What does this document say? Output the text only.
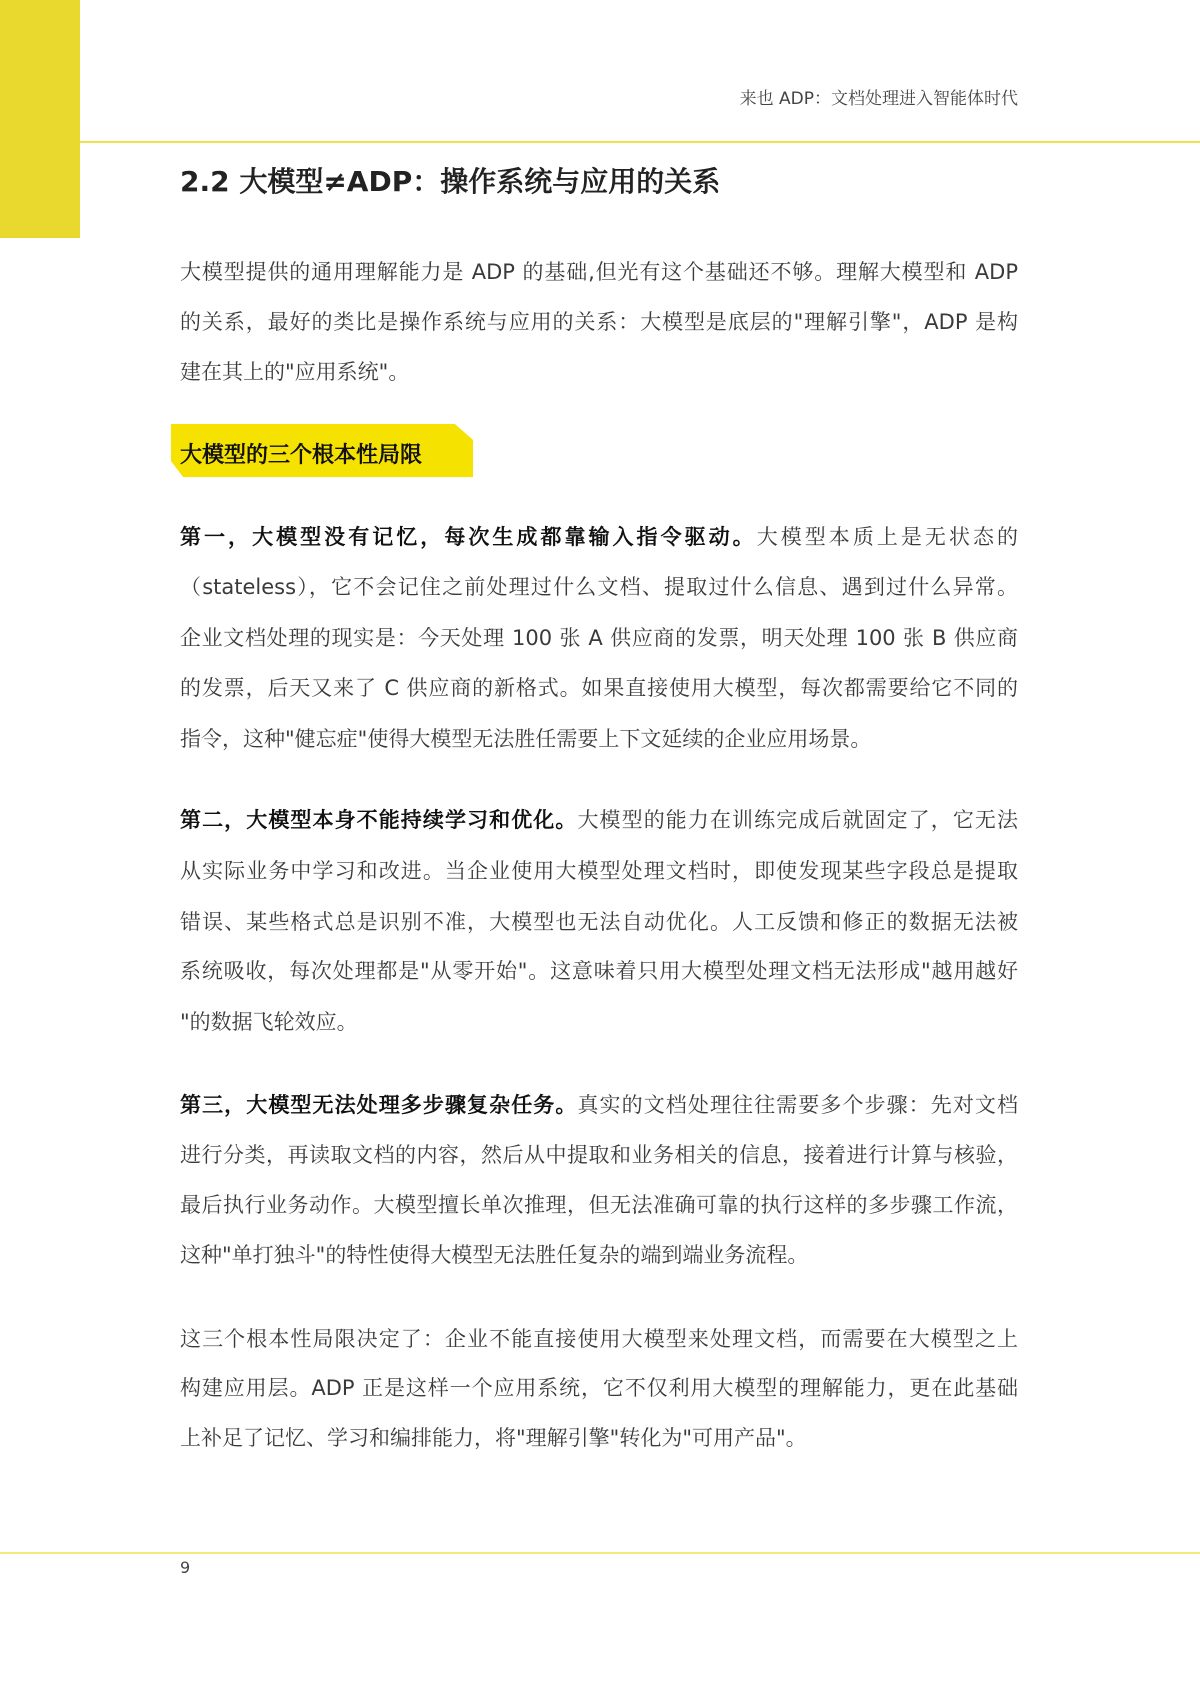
来也 ADP：文档处理进入智能体时代
2.2 大模型≠ADP：操作系统与应用的关系
大模型提供的通用理解能力是 ADP 的基础,但光有这个基础还不够。理解大模型和 ADP
的关系，最好的类比是操作系统与应用的关系：大模型是底层的"理解引擎"，ADP 是构
建在其上的"应用系统"。
大模型的三个根本性局限
第一，大模型没有记忆，每次生成都靠输入指令驱动。大模型本质上是无状态的
（stateless），它不会记住之前处理过什么文档、提取过什么信息、遇到过什么异常。
企业文档处理的现实是：今天处理 100 张 A 供应商的发票，明天处理 100 张 B 供应商
的发票，后天又来了 C 供应商的新格式。如果直接使用大模型，每次都需要给它不同的
指令，这种"健忘症"使得大模型无法胜任需要上下文延续的企业应用场景。
第二，大模型本身不能持续学习和优化。大模型的能力在训练完成后就固定了，它无法
从实际业务中学习和改进。当企业使用大模型处理文档时，即使发现某些字段总是提取
错误、某些格式总是识别不准，大模型也无法自动优化。人工反馈和修正的数据无法被
系统吸收，每次处理都是"从零开始"。这意味着只用大模型处理文档无法形成"越用越好
"的数据飞轮效应。
第三，大模型无法处理多步骤复杂任务。真实的文档处理往往需要多个步骤：先对文档
进行分类，再读取文档的内容，然后从中提取和业务相关的信息，接着进行计算与核验，
最后执行业务动作。大模型擅长单次推理，但无法准确可靠的执行这样的多步骤工作流，
这种"单打独斗"的特性使得大模型无法胜任复杂的端到端业务流程。
这三个根本性局限决定了：企业不能直接使用大模型来处理文档，而需要在大模型之上
构建应用层。ADP 正是这样一个应用系统，它不仅利用大模型的理解能力，更在此基础
上补足了记忆、学习和编排能力，将"理解引擎"转化为"可用产品"。
9
